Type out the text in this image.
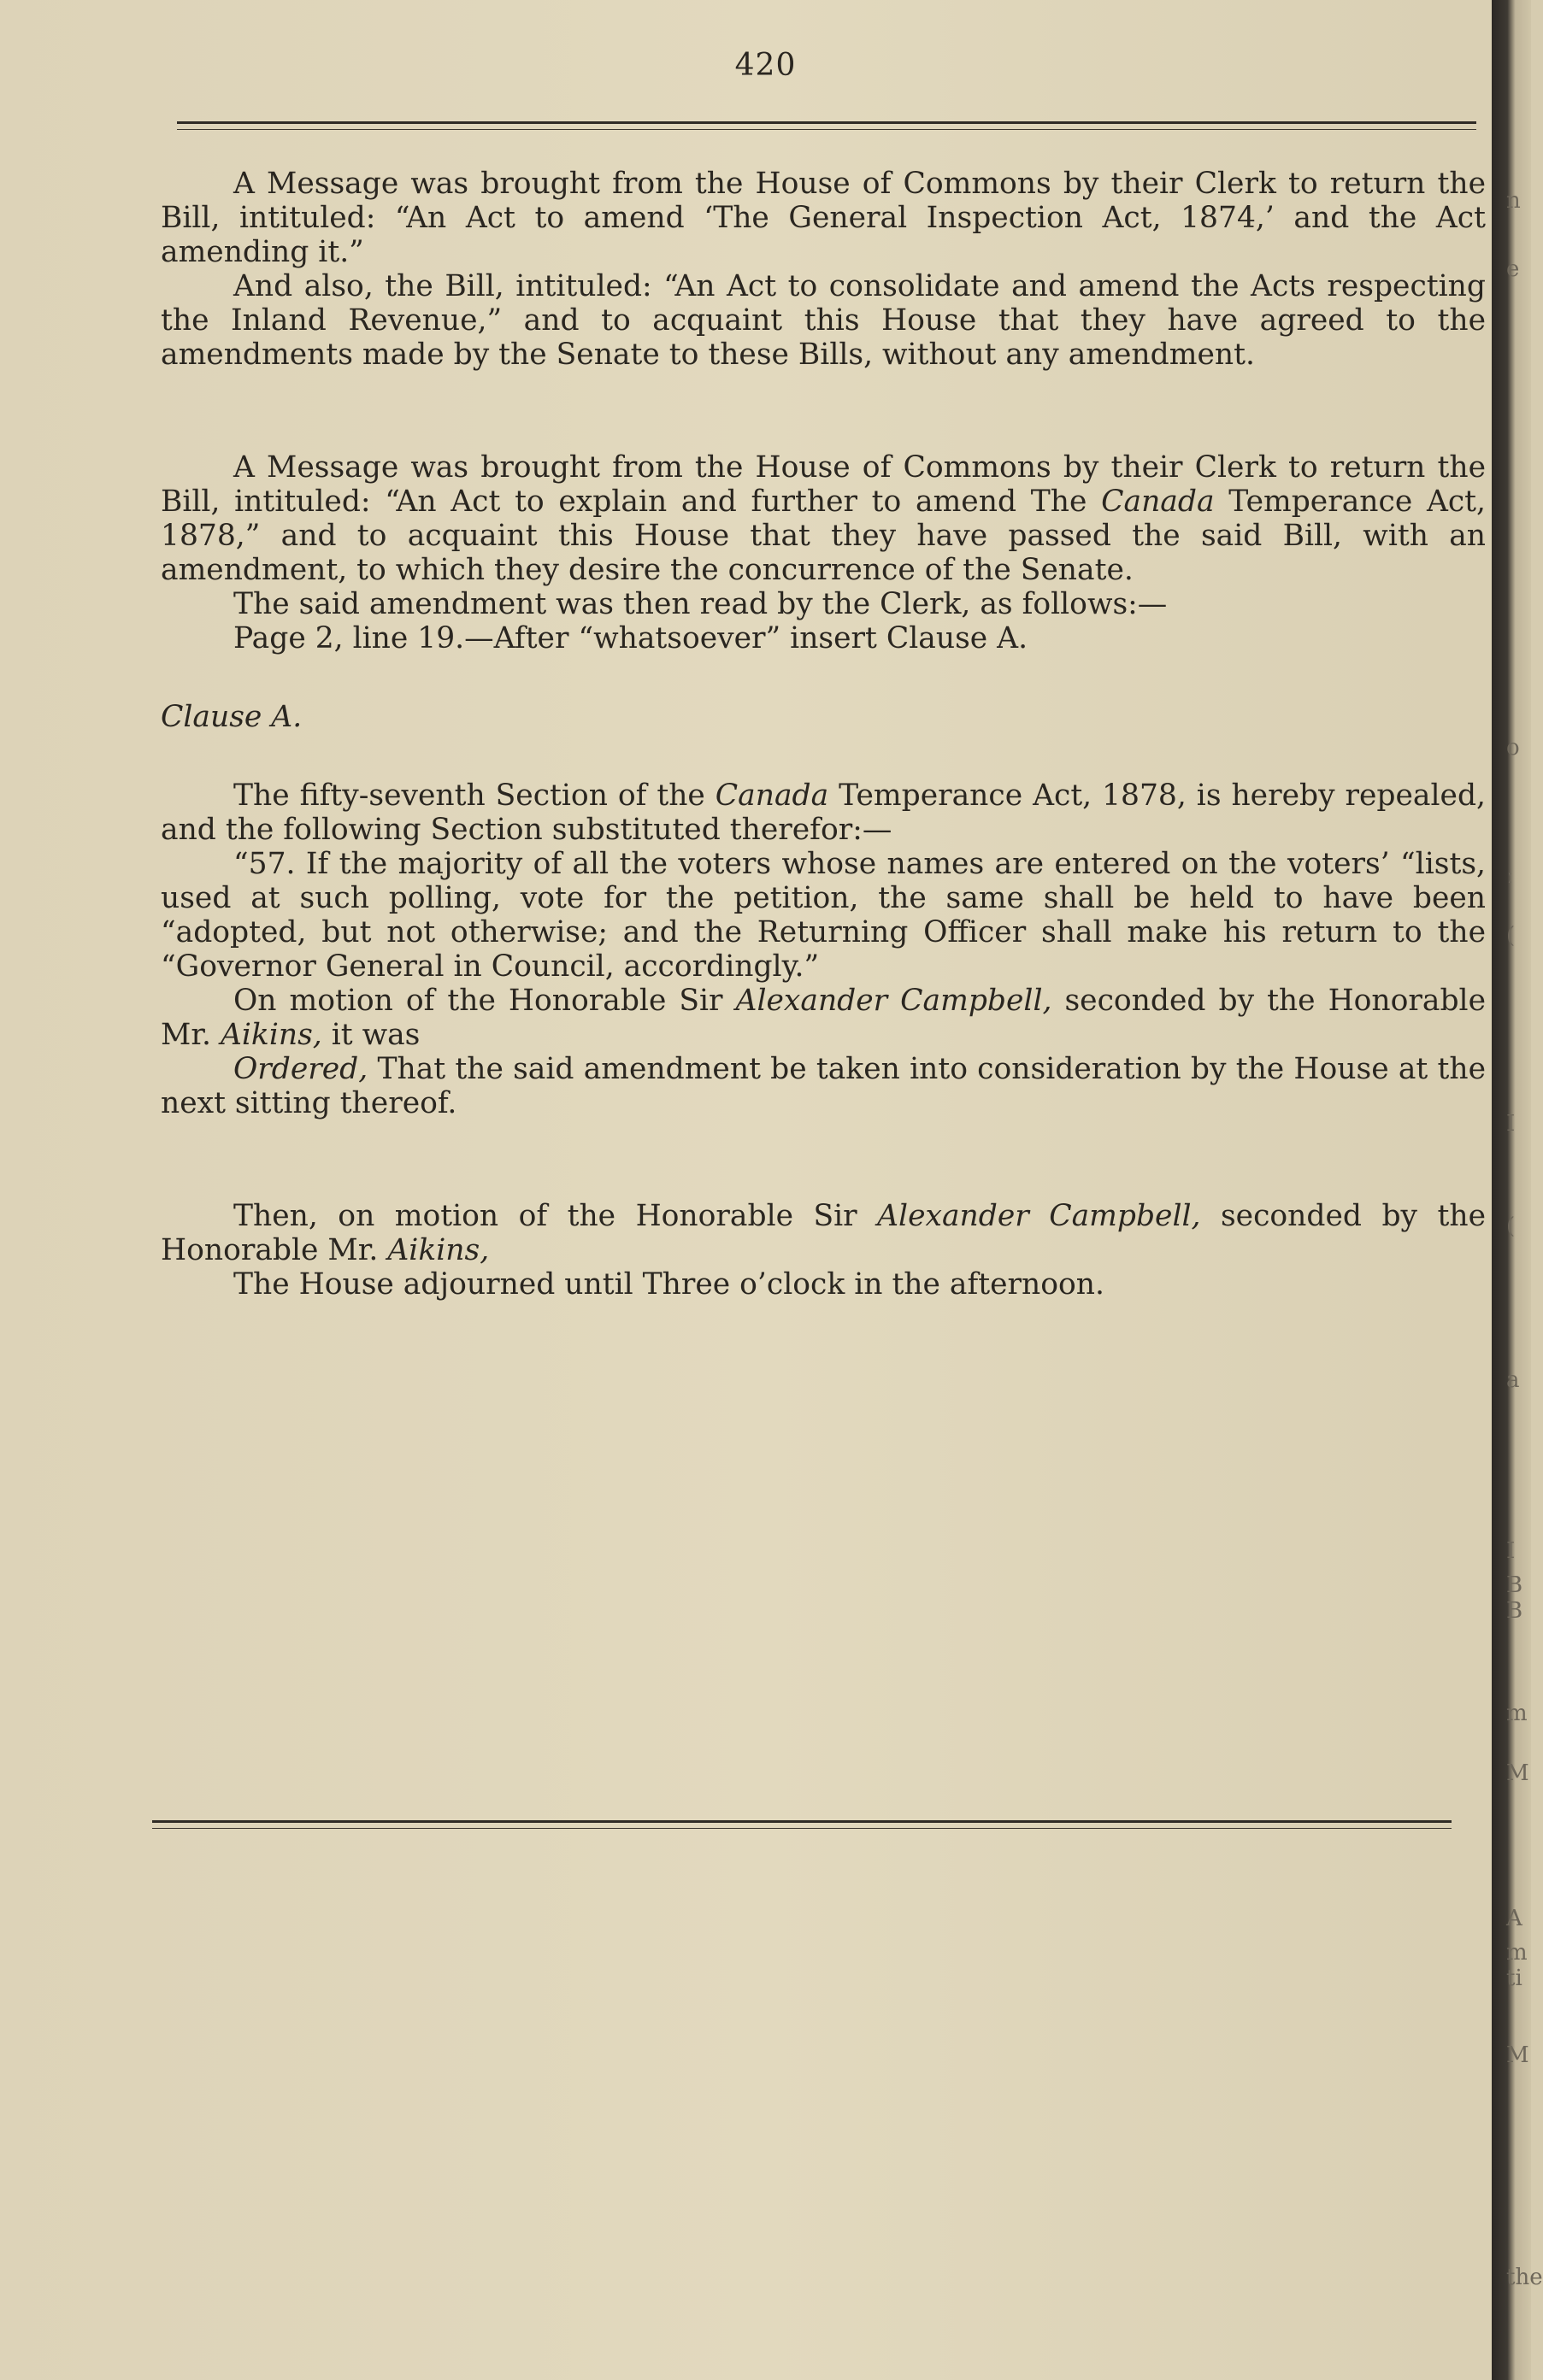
420

A Message was brought from the House of Commons by their Clerk to return the Bill, intituled: “An Act to amend ‘The General Inspection Act, 1874,’ and the Act amending it.”

And also, the Bill, intituled: “An Act to consolidate and amend the Acts respecting the Inland Revenue,” and to acquaint this House that they have agreed to the amendments made by the Senate to these Bills, without any amendment.

A Message was brought from the House of Commons by their Clerk to return the Bill, intituled: “An Act to explain and further to amend The Canada Temperance Act, 1878,” and to acquaint this House that they have passed the said Bill, with an amendment, to which they desire the concurrence of the Senate.

The said amendment was then read by the Clerk, as follows:—

Page 2, line 19.—After “whatsoever” insert Clause A.

Clause A.

The fifty-seventh Section of the Canada Temperance Act, 1878, is hereby repealed, and the following Section substituted therefor:—

“57. If the majority of all the voters whose names are entered on the voters’ “lists, used at such polling, vote for the petition, the same shall be held to have been “adopted, but not otherwise; and the Returning Officer shall make his return to the “Governor General in Council, accordingly.”

On motion of the Honorable Sir Alexander Campbell, seconded by the Honorable Mr. Aikins, it was

Ordered, That the said amendment be taken into consideration by the House at the next sitting thereof.

Then, on motion of the Honorable Sir Alexander Campbell, seconded by the Honorable Mr. Aikins,

The House adjourned until Three o’clock in the afternoon.

n
e
o
ː
(
I
(
a
I
B
B
m
M
A
m
ti
M
the
